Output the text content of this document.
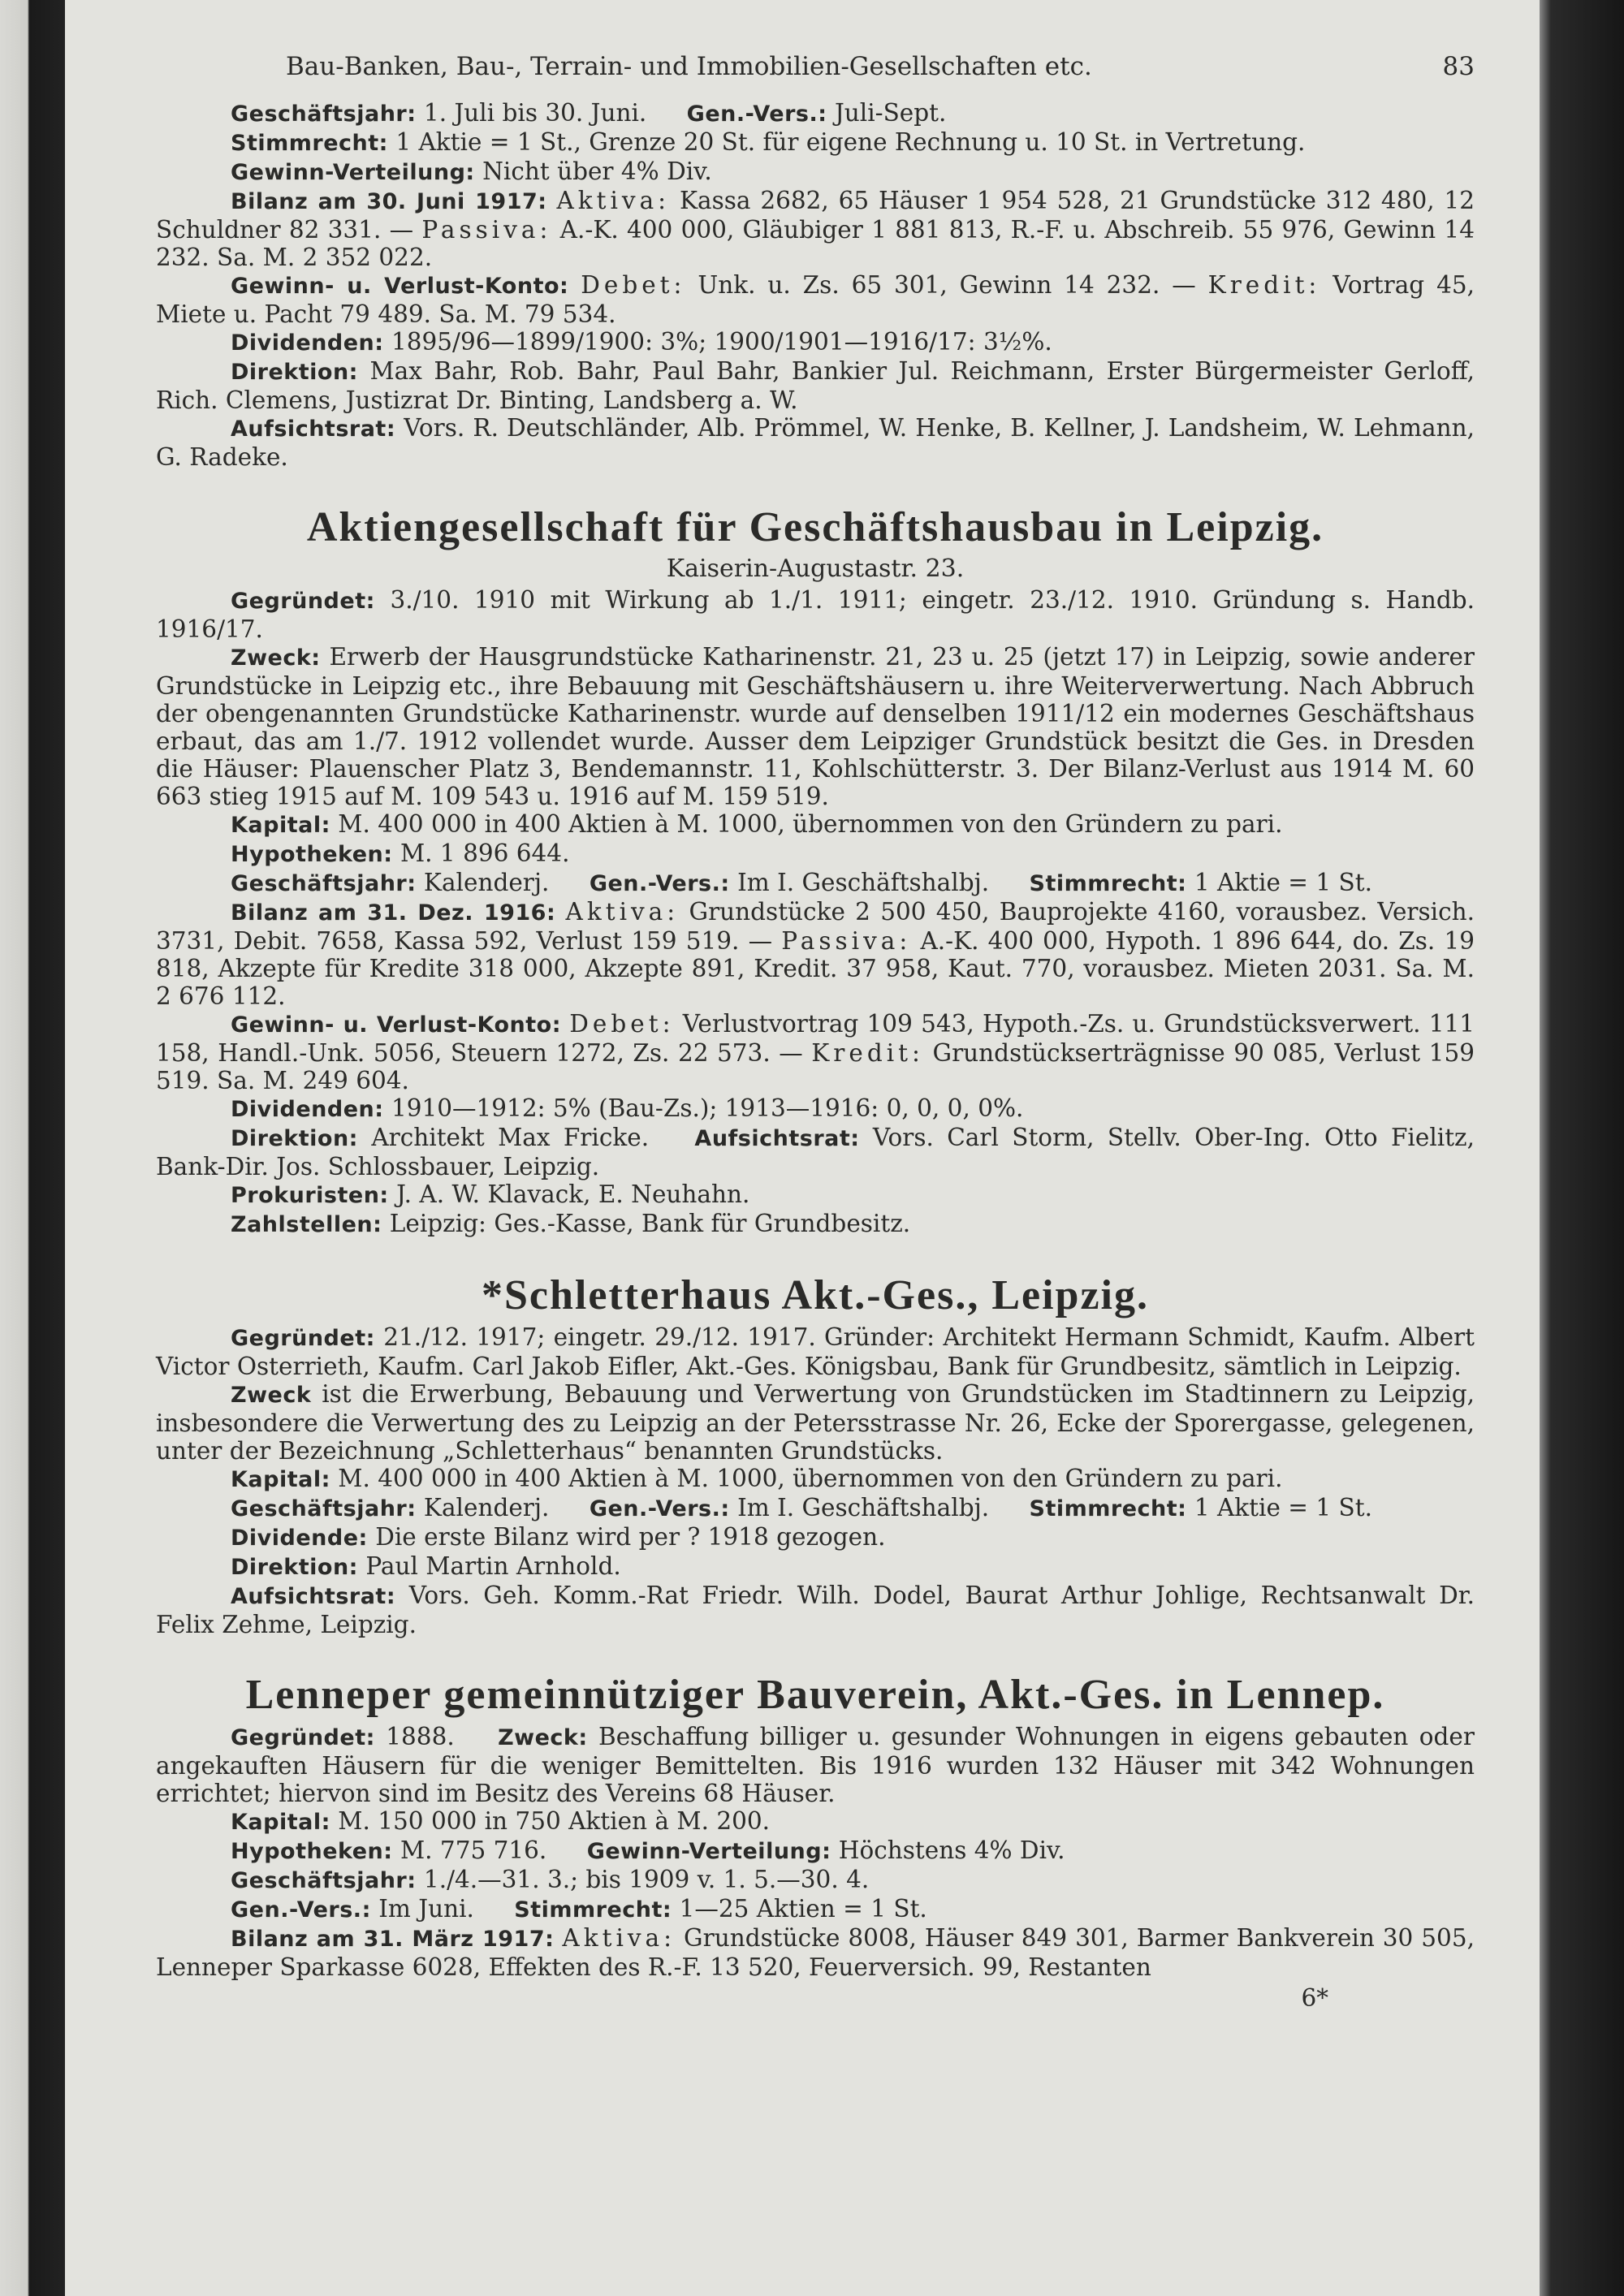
Bau-Banken, Bau-, Terrain- und Immobilien-Gesellschaften etc.	83

Geschäftsjahr: 1. Juli bis 30. Juni. Gen.-Vers.: Juli-Sept.

Stimmrecht: 1 Aktie = 1 St., Grenze 20 St. für eigene Rechnung u. 10 St. in Vertretung.

Gewinn-Verteilung: Nicht über 4% Div.

Bilanz am 30. Juni 1917: Aktiva: Kassa 2682, 65 Häuser 1 954 528, 21 Grundstücke 312 480, 12 Schuldner 82 331. — Passiva: A.-K. 400 000, Gläubiger 1 881 813, R.-F. u. Abschreib. 55 976, Gewinn 14 232. Sa. M. 2 352 022.

Gewinn- u. Verlust-Konto: Debet: Unk. u. Zs. 65 301, Gewinn 14 232. — Kredit: Vortrag 45, Miete u. Pacht 79 489. Sa. M. 79 534.

Dividenden: 1895/96—1899/1900: 3%; 1900/1901—1916/17: 3½%.

Direktion: Max Bahr, Rob. Bahr, Paul Bahr, Bankier Jul. Reichmann, Erster Bürgermeister Gerloff, Rich. Clemens, Justizrat Dr. Binting, Landsberg a. W.

Aufsichtsrat: Vors. R. Deutschländer, Alb. Prömmel, W. Henke, B. Kellner, J. Landsheim, W. Lehmann, G. Radeke.

Aktiengesellschaft für Geschäftshausbau in Leipzig.
Kaiserin-Augustastr. 23.

Gegründet: 3./10. 1910 mit Wirkung ab 1./1. 1911; eingetr. 23./12. 1910. Gründung s. Handb. 1916/17.

Zweck: Erwerb der Hausgrundstücke Katharinenstr. 21, 23 u. 25 (jetzt 17) in Leipzig, sowie anderer Grundstücke in Leipzig etc., ihre Bebauung mit Geschäftshäusern u. ihre Weiterverwertung. Nach Abbruch der obengenannten Grundstücke Katharinenstr. wurde auf denselben 1911/12 ein modernes Geschäftshaus erbaut, das am 1./7. 1912 vollendet wurde. Ausser dem Leipziger Grundstück besitzt die Ges. in Dresden die Häuser: Plauenscher Platz 3, Bendemannstr. 11, Kohlschütterstr. 3. Der Bilanz-Verlust aus 1914 M. 60 663 stieg 1915 auf M. 109 543 u. 1916 auf M. 159 519.

Kapital: M. 400 000 in 400 Aktien à M. 1000, übernommen von den Gründern zu pari.

Hypotheken: M. 1 896 644.

Geschäftsjahr: Kalenderj. Gen.-Vers.: Im I. Geschäftshalbj. Stimmrecht: 1 Aktie = 1 St.

Bilanz am 31. Dez. 1916: Aktiva: Grundstücke 2 500 450, Bauprojekte 4160, vorausbez. Versich. 3731, Debit. 7658, Kassa 592, Verlust 159 519. — Passiva: A.-K. 400 000, Hypoth. 1 896 644, do. Zs. 19 818, Akzepte für Kredite 318 000, Akzepte 891, Kredit. 37 958, Kaut. 770, vorausbez. Mieten 2031. Sa. M. 2 676 112.

Gewinn- u. Verlust-Konto: Debet: Verlustvortrag 109 543, Hypoth.-Zs. u. Grundstücksverwert. 111 158, Handl.-Unk. 5056, Steuern 1272, Zs. 22 573. — Kredit: Grundstückserträgnisse 90 085, Verlust 159 519. Sa. M. 249 604.

Dividenden: 1910—1912: 5% (Bau-Zs.); 1913—1916: 0, 0, 0, 0%.

Direktion: Architekt Max Fricke. Aufsichtsrat: Vors. Carl Storm, Stellv. Ober-Ing. Otto Fielitz, Bank-Dir. Jos. Schlossbauer, Leipzig.

Prokuristen: J. A. W. Klavack, E. Neuhahn.

Zahlstellen: Leipzig: Ges.-Kasse, Bank für Grundbesitz.

*Schletterhaus Akt.-Ges., Leipzig.

Gegründet: 21./12. 1917; eingetr. 29./12. 1917. Gründer: Architekt Hermann Schmidt, Kaufm. Albert Victor Osterrieth, Kaufm. Carl Jakob Eifler, Akt.-Ges. Königsbau, Bank für Grundbesitz, sämtlich in Leipzig.

Zweck ist die Erwerbung, Bebauung und Verwertung von Grundstücken im Stadtinnern zu Leipzig, insbesondere die Verwertung des zu Leipzig an der Petersstrasse Nr. 26, Ecke der Sporergasse, gelegenen, unter der Bezeichnung „Schletterhaus“ benannten Grundstücks.

Kapital: M. 400 000 in 400 Aktien à M. 1000, übernommen von den Gründern zu pari.

Geschäftsjahr: Kalenderj. Gen.-Vers.: Im I. Geschäftshalbj. Stimmrecht: 1 Aktie = 1 St.

Dividende: Die erste Bilanz wird per ? 1918 gezogen.

Direktion: Paul Martin Arnhold.

Aufsichtsrat: Vors. Geh. Komm.-Rat Friedr. Wilh. Dodel, Baurat Arthur Johlige, Rechtsanwalt Dr. Felix Zehme, Leipzig.

Lenneper gemeinnütziger Bauverein, Akt.-Ges. in Lennep.

Gegründet: 1888. Zweck: Beschaffung billiger u. gesunder Wohnungen in eigens gebauten oder angekauften Häusern für die weniger Bemittelten. Bis 1916 wurden 132 Häuser mit 342 Wohnungen errichtet; hiervon sind im Besitz des Vereins 68 Häuser.

Kapital: M. 150 000 in 750 Aktien à M. 200.

Hypotheken: M. 775 716. Gewinn-Verteilung: Höchstens 4% Div.

Geschäftsjahr: 1./4.—31. 3.; bis 1909 v. 1. 5.—30. 4.

Gen.-Vers.: Im Juni. Stimmrecht: 1—25 Aktien = 1 St.

Bilanz am 31. März 1917: Aktiva: Grundstücke 8008, Häuser 849 301, Barmer Bankverein 30 505, Lenneper Sparkasse 6028, Effekten des R.-F. 13 520, Feuerversich. 99, Restanten

6*
